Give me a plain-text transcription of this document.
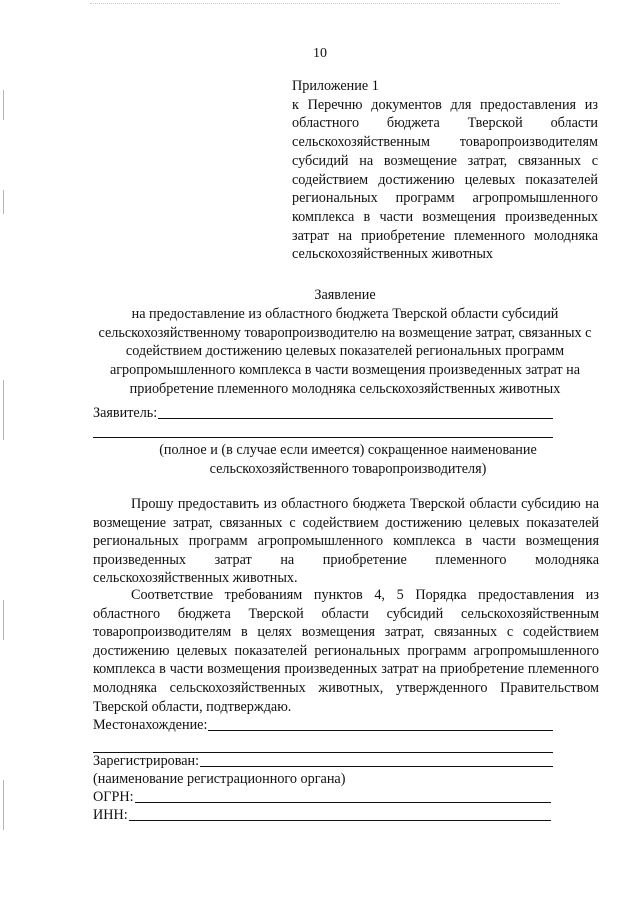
10
Приложение 1
к Перечню документов для предоставления из областного бюджета Тверской области сельскохозяйственным товаропроизводителям субсидий на возмещение затрат, связанных с содействием достижению целевых показателей региональных программ агропромышленного комплекса в части возмещения произведенных затрат на приобретение племенного молодняка сельскохозяйственных животных
Заявление
на предоставление из областного бюджета Тверской области субсидий сельскохозяйственному товаропроизводителю на возмещение затрат, связанных с содействием достижению целевых показателей региональных программ агропромышленного комплекса в части возмещения произведенных затрат на приобретение племенного молодняка сельскохозяйственных животных
Заявитель:
(полное и (в случае если имеется) сокращенное наименование сельскохозяйственного товаропроизводителя)
Прошу предоставить из областного бюджета Тверской области субсидию на возмещение затрат, связанных с содействием достижению целевых показателей региональных программ агропромышленного комплекса в части возмещения произведенных затрат на приобретение племенного молодняка сельскохозяйственных животных.
Соответствие требованиям пунктов 4, 5 Порядка предоставления из областного бюджета Тверской области субсидий сельскохозяйственным товаропроизводителям в целях возмещения затрат, связанных с содействием достижению целевых показателей региональных программ агропромышленного комплекса в части возмещения произведенных затрат на приобретение племенного молодняка сельскохозяйственных животных, утвержденного Правительством Тверской области, подтверждаю.
Местонахождение:
Зарегистрирован:
(наименование регистрационного органа)
ОГРН:
ИНН:
